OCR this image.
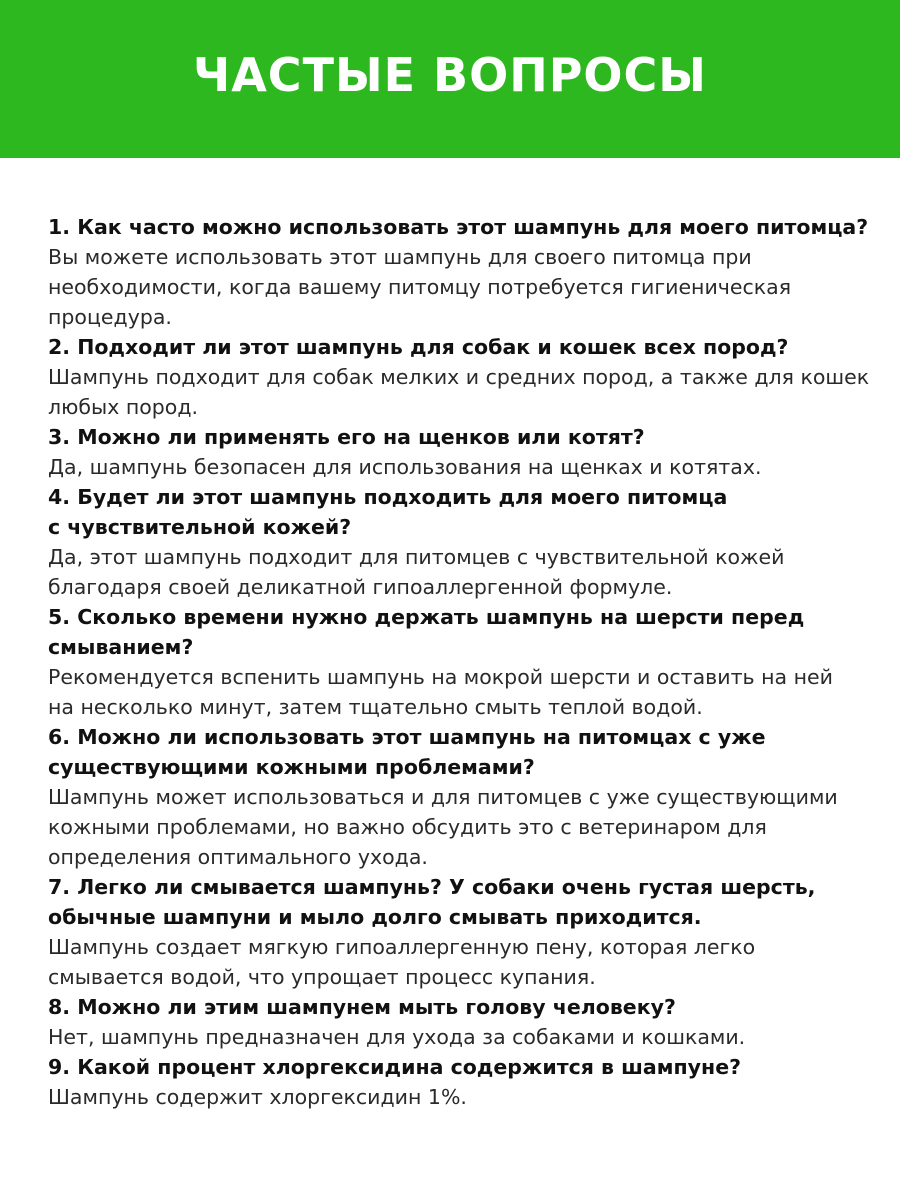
ЧАСТЫЕ ВОПРОСЫ
1. Как часто можно использовать этот шампунь для моего питомца?
Вы можете использовать этот шампунь для своего питомца при
необходимости, когда вашему питомцу потребуется гигиеническая
процедура.
2. Подходит ли этот шампунь для собак и кошек всех пород?
Шампунь подходит для собак мелких и средних пород, а также для кошек
любых пород.
3. Можно ли применять его на щенков или котят?
Да, шампунь безопасен для использования на щенках и котятах.
4. Будет ли этот шампунь подходить для моего питомца
с чувствительной кожей?
Да, этот шампунь подходит для питомцев с чувствительной кожей
благодаря своей деликатной гипоаллергенной формуле.
5. Сколько времени нужно держать шампунь на шерсти перед
смыванием?
Рекомендуется вспенить шампунь на мокрой шерсти и оставить на ней
на несколько минут, затем тщательно смыть теплой водой.
6. Можно ли использовать этот шампунь на питомцах с уже
существующими кожными проблемами?
Шампунь может использоваться и для питомцев с уже существующими
кожными проблемами, но важно обсудить это с ветеринаром для
определения оптимального ухода.
7. Легко ли смывается шампунь? У собаки очень густая шерсть,
обычные шампуни и мыло долго смывать приходится.
Шампунь создает мягкую гипоаллергенную пену, которая легко
смывается водой, что упрощает процесс купания.
8. Можно ли этим шампунем мыть голову человеку?
Нет, шампунь предназначен для ухода за собаками и кошками.
9. Какой процент хлоргексидина содержится в шампуне?
Шампунь содержит хлоргексидин 1%.
